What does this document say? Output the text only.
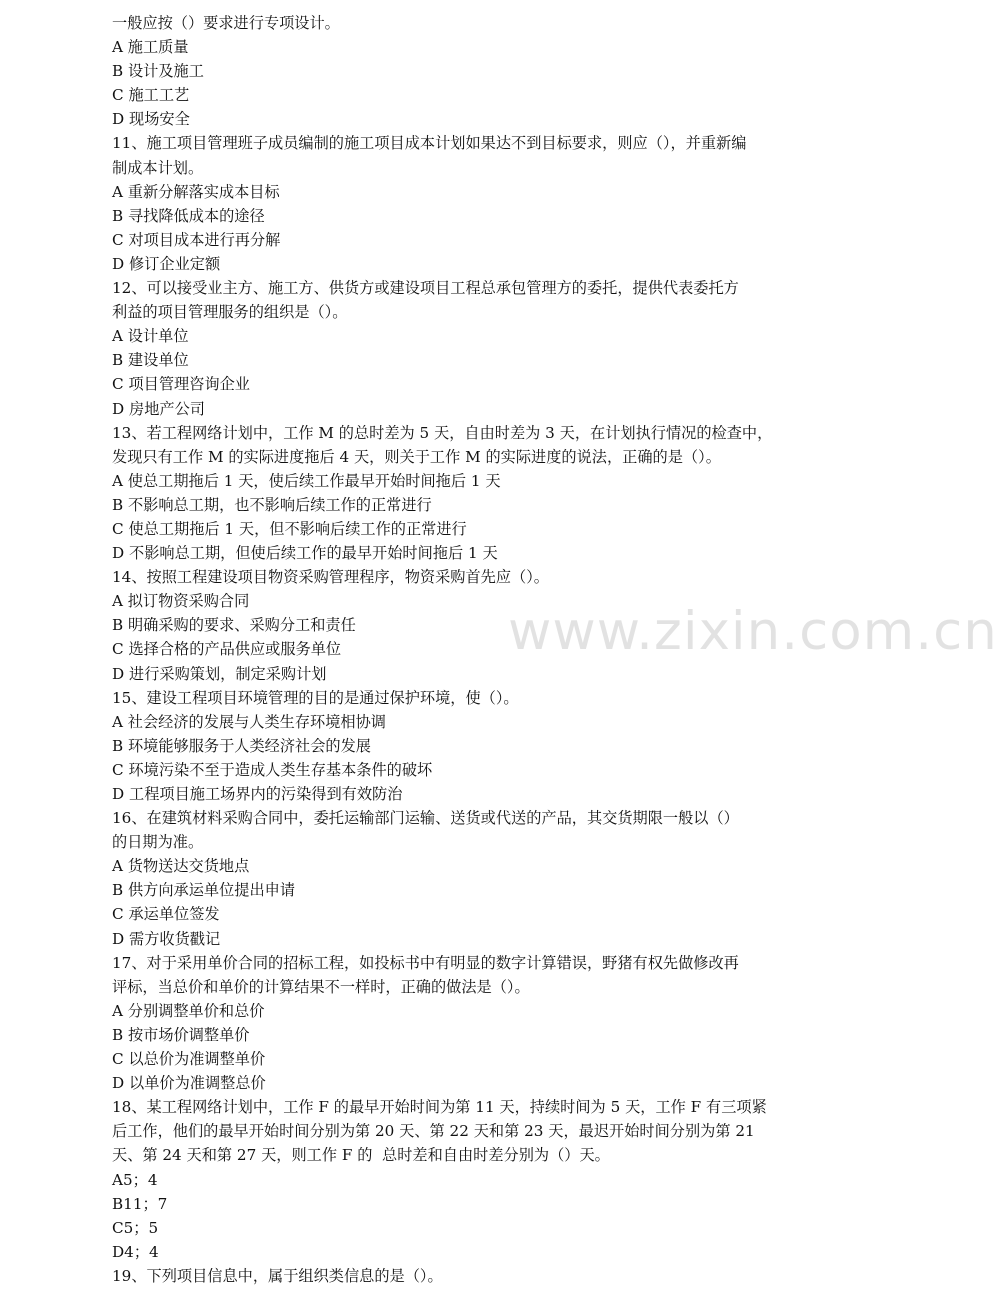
一般应按（）要求进行专项设计。
A 施工质量
B 设计及施工
C 施工工艺
D 现场安全
11、施工项目管理班子成员编制的施工项目成本计划如果达不到目标要求，则应（），并重新编
制成本计划。
A 重新分解落实成本目标
B 寻找降低成本的途径
C 对项目成本进行再分解
D 修订企业定额
12、可以接受业主方、施工方、供货方或建设项目工程总承包管理方的委托，提供代表委托方
利益的项目管理服务的组织是（）。
A 设计单位
B 建设单位
C 项目管理咨询企业
D 房地产公司
13、若工程网络计划中，工作 M 的总时差为 5 天，自由时差为 3 天，在计划执行情况的检查中，
发现只有工作 M 的实际进度拖后 4 天，则关于工作 M 的实际进度的说法，正确的是（）。
A 使总工期拖后 1 天，使后续工作最早开始时间拖后 1 天
B 不影响总工期，也不影响后续工作的正常进行
C 使总工期拖后 1 天，但不影响后续工作的正常进行
D 不影响总工期，但使后续工作的最早开始时间拖后 1 天
14、按照工程建设项目物资采购管理程序，物资采购首先应（）。
A 拟订物资采购合同
B 明确采购的要求、采购分工和责任
C 选择合格的产品供应或服务单位
D 进行采购策划，制定采购计划
15、建设工程项目环境管理的目的是通过保护环境，使（）。
A 社会经济的发展与人类生存环境相协调
B 环境能够服务于人类经济社会的发展
C 环境污染不至于造成人类生存基本条件的破坏
D 工程项目施工场界内的污染得到有效防治
16、在建筑材料采购合同中，委托运输部门运输、送货或代送的产品，其交货期限一般以（）
的日期为准。
A 货物送达交货地点
B 供方向承运单位提出申请
C 承运单位签发
D 需方收货戳记
17、对于采用单价合同的招标工程，如投标书中有明显的数字计算错误，野猪有权先做修改再
评标，当总价和单价的计算结果不一样时，正确的做法是（）。
A 分别调整单价和总价
B 按市场价调整单价
C 以总价为准调整单价
D 以单价为准调整总价
18、某工程网络计划中，工作 F 的最早开始时间为第 11 天，持续时间为 5 天，工作 F 有三项紧
后工作，他们的最早开始时间分别为第 20 天、第 22 天和第 23 天，最迟开始时间分别为第 21
天、第 24 天和第 27 天，则工作 F 的  总时差和自由时差分别为（）天。
A5；4
B11；7
C5；5
D4；4
19、下列项目信息中，属于组织类信息的是（）。
www.zixin.com.cn
